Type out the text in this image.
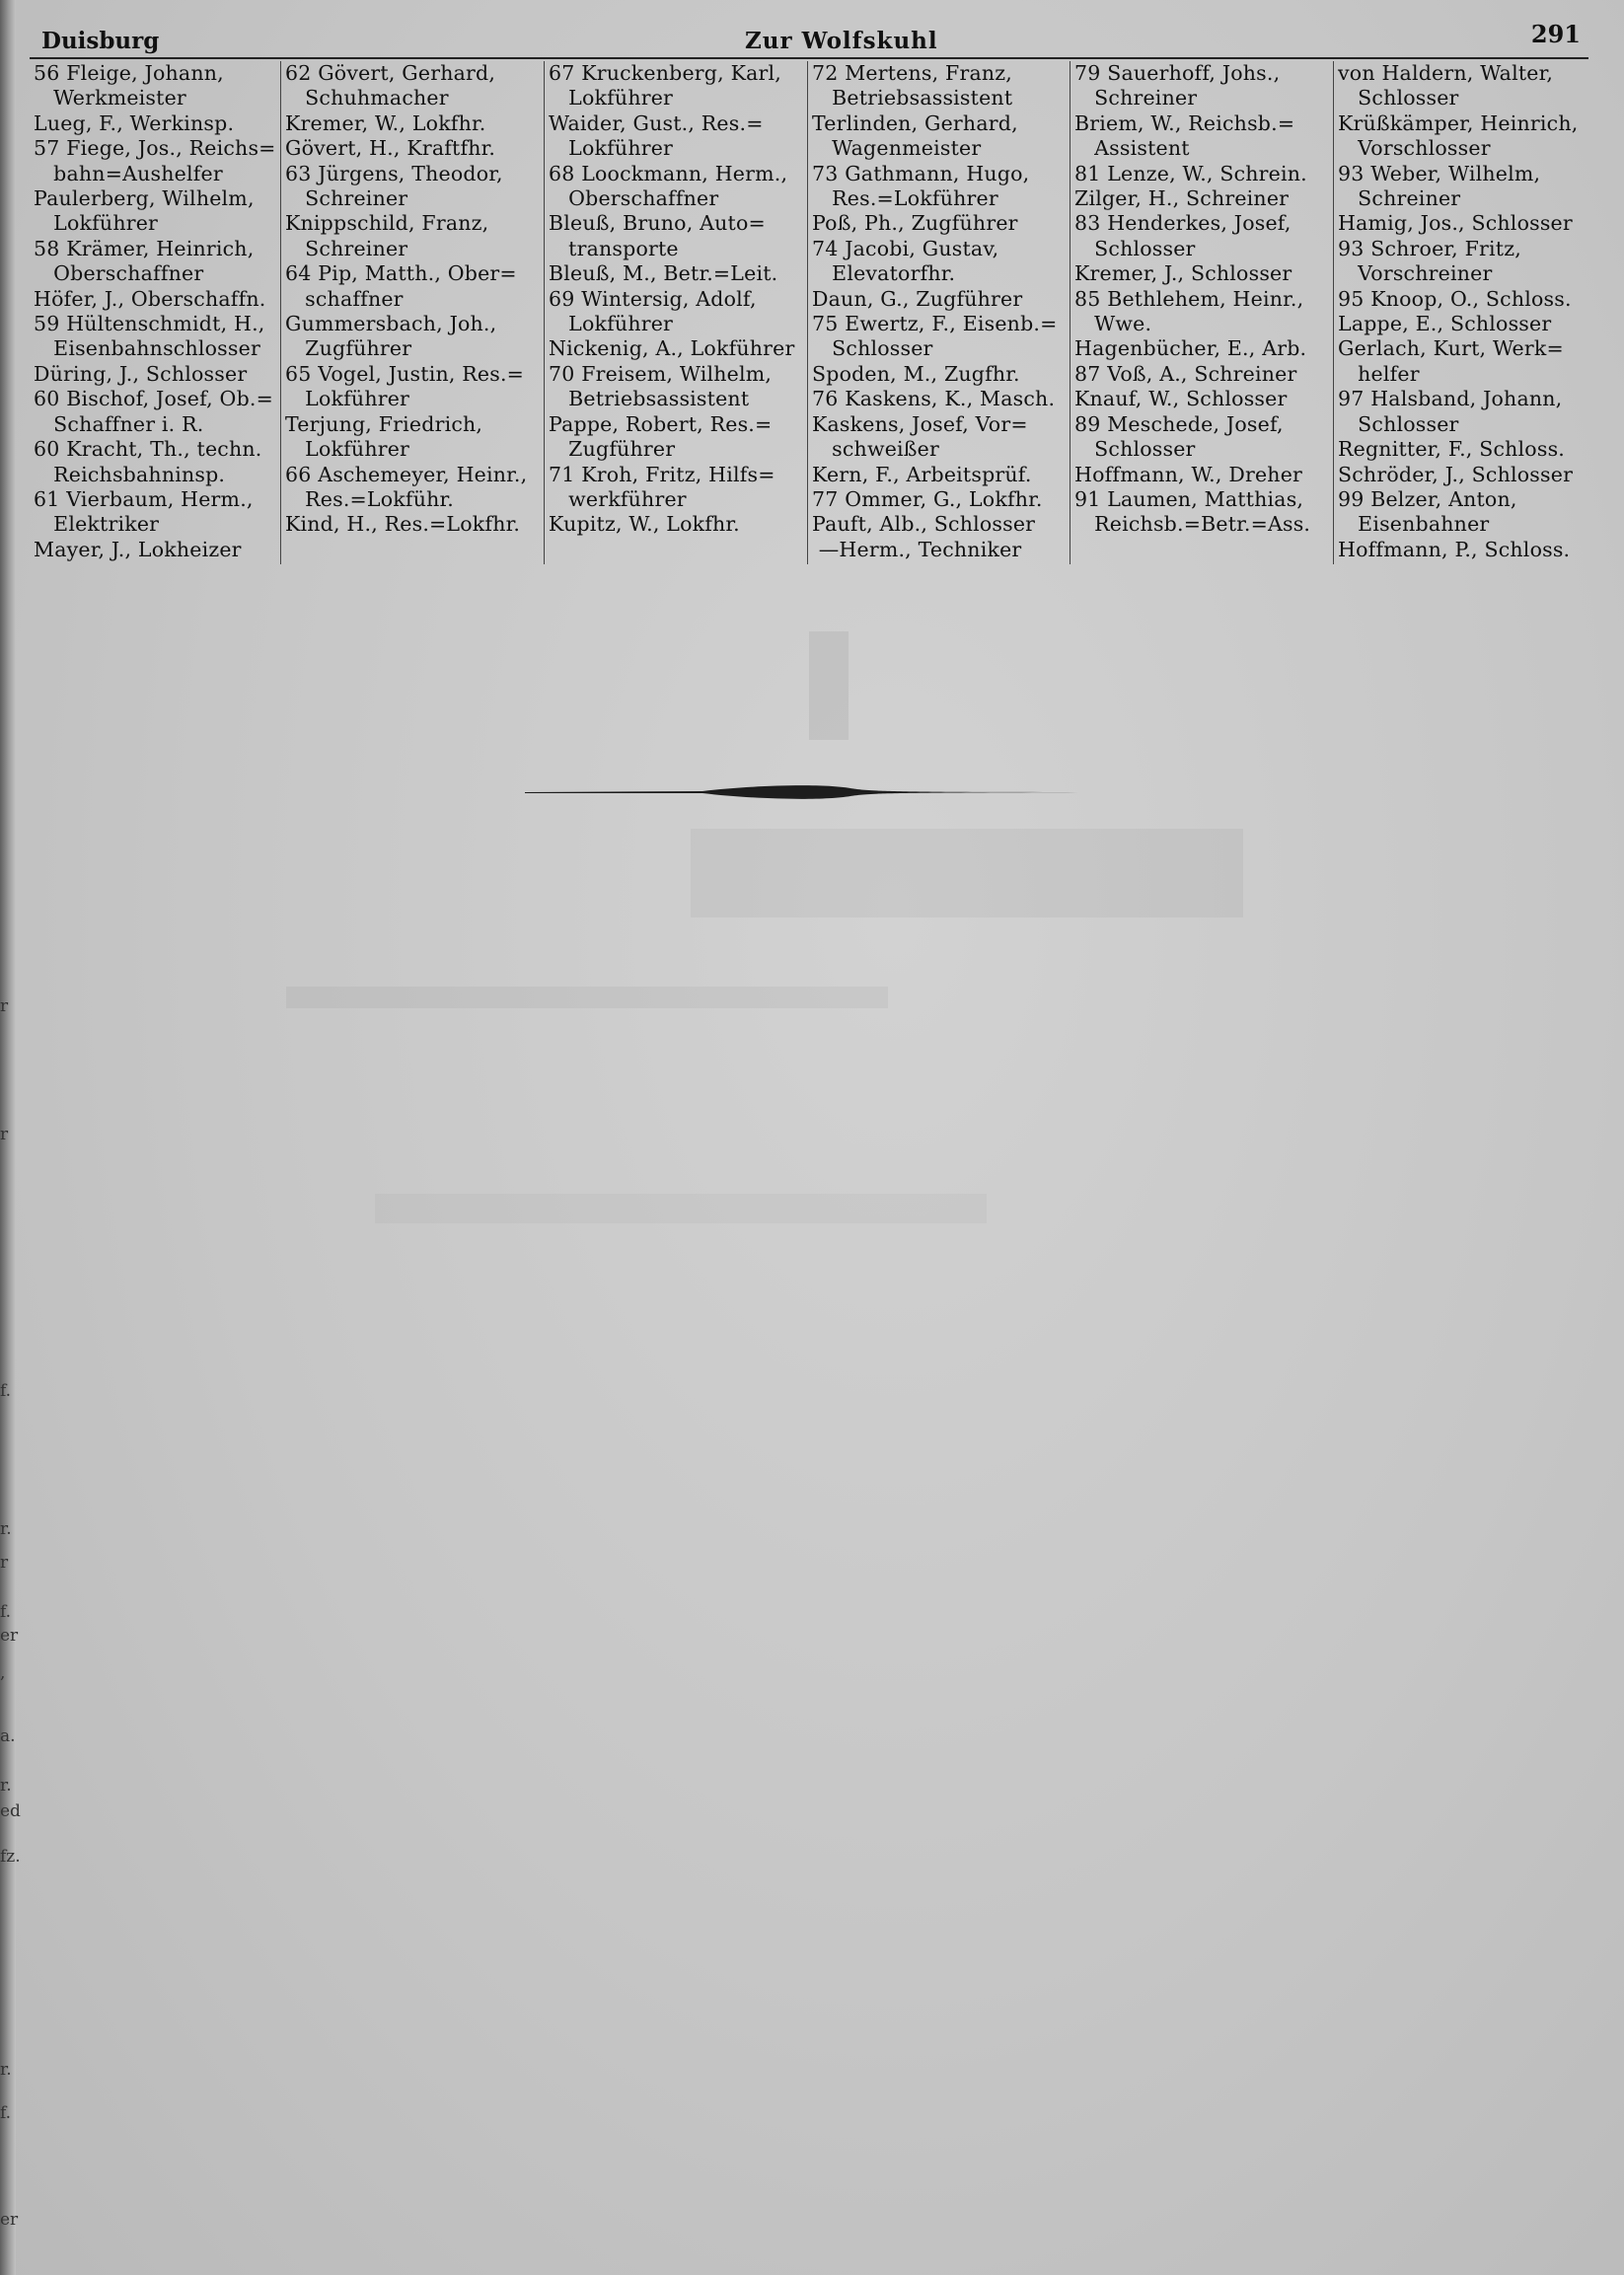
r
r
f.
r.
r
f.
er
,
a.
r.
ed
fz.
r.
f.
er
Duisburg	Zur Wolfskuhl	291
56 Fleige, Johann,
Werkmeister
Lueg, F., Werkinsp.
57 Fiege, Jos., Reichs=
bahn=Aushelfer
Paulerberg, Wilhelm,
Lokführer
58 Krämer, Heinrich,
Oberschaffner
Höfer, J., Oberschaffn.
59 Hültenschmidt, H.,
Eisenbahnschlosser
Düring, J., Schlosser
60 Bischof, Josef, Ob.=
Schaffner i. R.
60 Kracht, Th., techn.
Reichsbahninsp.
61 Vierbaum, Herm.,
Elektriker
Mayer, J., Lokheizer
62 Gövert, Gerhard,
Schuhmacher
Kremer, W., Lokfhr.
Gövert, H., Kraftfhr.
63 Jürgens, Theodor,
Schreiner
Knippschild, Franz,
Schreiner
64 Pip, Matth., Ober=
schaffner
Gummersbach, Joh.,
Zugführer
65 Vogel, Justin, Res.=
Lokführer
Terjung, Friedrich,
Lokführer
66 Aschemeyer, Heinr.,
Res.=Lokführ.
Kind, H., Res.=Lokfhr.
67 Kruckenberg, Karl,
Lokführer
Waider, Gust., Res.=
Lokführer
68 Loockmann, Herm.,
Oberschaffner
Bleuß, Bruno, Auto=
transporte
Bleuß, M., Betr.=Leit.
69 Wintersig, Adolf,
Lokführer
Nickenig, A., Lokführer
70 Freisem, Wilhelm,
Betriebsassistent
Pappe, Robert, Res.=
Zugführer
71 Kroh, Fritz, Hilfs=
werkführer
Kupitz, W., Lokfhr.
72 Mertens, Franz,
Betriebsassistent
Terlinden, Gerhard,
Wagenmeister
73 Gathmann, Hugo,
Res.=Lokführer
Poß, Ph., Zugführer
74 Jacobi, Gustav,
Elevatorfhr.
Daun, G., Zugführer
75 Ewertz, F., Eisenb.=
Schlosser
Spoden, M., Zugfhr.
76 Kaskens, K., Masch.
Kaskens, Josef, Vor=
schweißer
Kern, F., Arbeitsprüf.
77 Ommer, G., Lokfhr.
Pauft, Alb., Schlosser
—Herm., Techniker
79 Sauerhoff, Johs.,
Schreiner
Briem, W., Reichsb.=
Assistent
81 Lenze, W., Schrein.
Zilger, H., Schreiner
83 Henderkes, Josef,
Schlosser
Kremer, J., Schlosser
85 Bethlehem, Heinr.,
Wwe.
Hagenbücher, E., Arb.
87 Voß, A., Schreiner
Knauf, W., Schlosser
89 Meschede, Josef,
Schlosser
Hoffmann, W., Dreher
91 Laumen, Matthias,
Reichsb.=Betr.=Ass.
von Haldern, Walter,
Schlosser
Krüßkämper, Heinrich,
Vorschlosser
93 Weber, Wilhelm,
Schreiner
Hamig, Jos., Schlosser
93 Schroer, Fritz,
Vorschreiner
95 Knoop, O., Schloss.
Lappe, E., Schlosser
Gerlach, Kurt, Werk=
helfer
97 Halsband, Johann,
Schlosser
Regnitter, F., Schloss.
Schröder, J., Schlosser
99 Belzer, Anton,
Eisenbahner
Hoffmann, P., Schloss.
